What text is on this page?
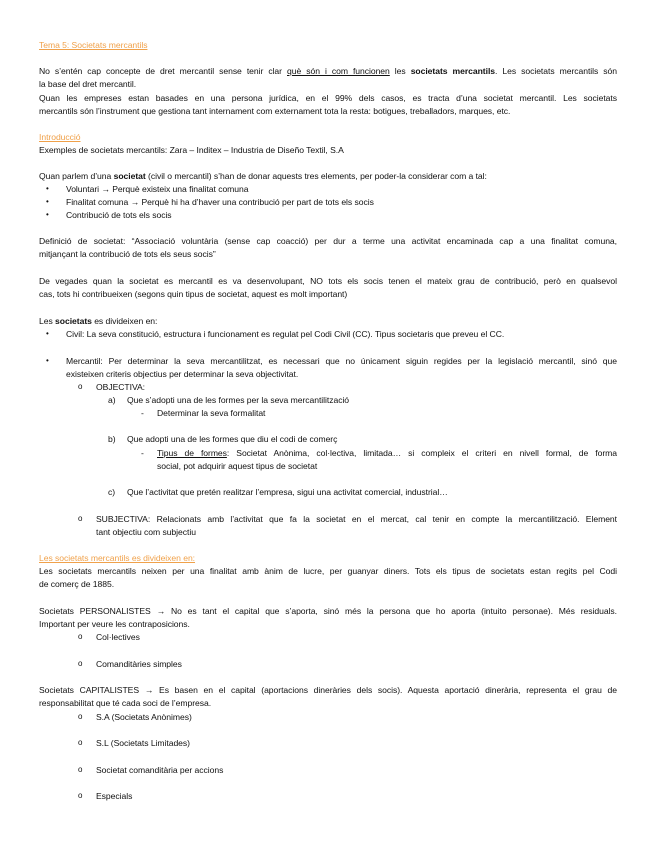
Tema 5: Societats mercantils
No s’entén cap concepte de dret mercantil sense tenir clar què són i com funcionen les societats mercantils. Les societats mercantils són
la base del dret mercantil.
Quan les empreses estan basades en una persona jurídica, en el 99% dels casos, es tracta d’una societat mercantil. Les societats
mercantils són l’instrument que gestiona tant internament com externament tota la resta: botigues, treballadors, marques, etc.
Introducció
Exemples de societats mercantils: Zara – Inditex – Industria de Diseño Textil, S.A
Quan parlem d’una societat (civil o mercantil) s’han de donar aquests tres elements, per poder-la considerar com a tal:
• Voluntari → Perquè existeix una finalitat comuna
• Finalitat comuna → Perquè hi ha d’haver una contribució per part de tots els socis
• Contribució de tots els socis
Definició de societat: “Associació voluntària (sense cap coacció) per dur a terme una activitat encaminada cap a una finalitat comuna,
mitjançant la contribució de tots els seus socis”
De vegades quan la societat es mercantil es va desenvolupant, NO tots els socis tenen el mateix grau de contribució, però en qualsevol
cas, tots hi contribueixen (segons quin tipus de societat, aquest es molt important)
Les societats es divideixen en:
• Civil: La seva constitució, estructura i funcionament es regulat pel Codi Civil (CC). Tipus societaris que preveu el CC.
• Mercantil: Per determinar la seva mercantilitzat, es necessari que no únicament siguin regides per la legislació mercantil, sinó que
existeixen criteris objectius per determinar la seva objectivitat.
o OBJECTIVA:
a) Que s’adopti una de les formes per la seva mercantilització
- Determinar la seva formalitat
b) Que adopti una de les formes que diu el codi de comerç
- Tipus de formes: Societat Anònima, col·lectiva, limitada… si compleix el criteri en nivell formal, de forma
social, pot adquirir aquest tipus de societat
c) Que l’activitat que pretén realitzar l’empresa, sigui una activitat comercial, industrial…
o SUBJECTIVA: Relacionats amb l’activitat que fa la societat en el mercat, cal tenir en compte la mercantilització. Element
tant objectiu com subjectiu
Les societats mercantils es divideixen en:
Les societats mercantils neixen per una finalitat amb ànim de lucre, per guanyar diners. Tots els tipus de societats estan regits pel Codi
de comerç de 1885.
Societats PERSONALISTES → No es tant el capital que s’aporta, sinó més la persona que ho aporta (intuito personae). Més residuals.
Important per veure les contraposicions.
o Col·lectives
o Comanditàries simples
Societats CAPITALISTES → Es basen en el capital (aportacions dineràries dels socis). Aquesta aportació dinerària, representa el grau de
responsabilitat que té cada soci de l’empresa.
o S.A (Societats Anònimes)
o S.L (Societats Limitades)
o Societat comanditària per accions
o Especials
